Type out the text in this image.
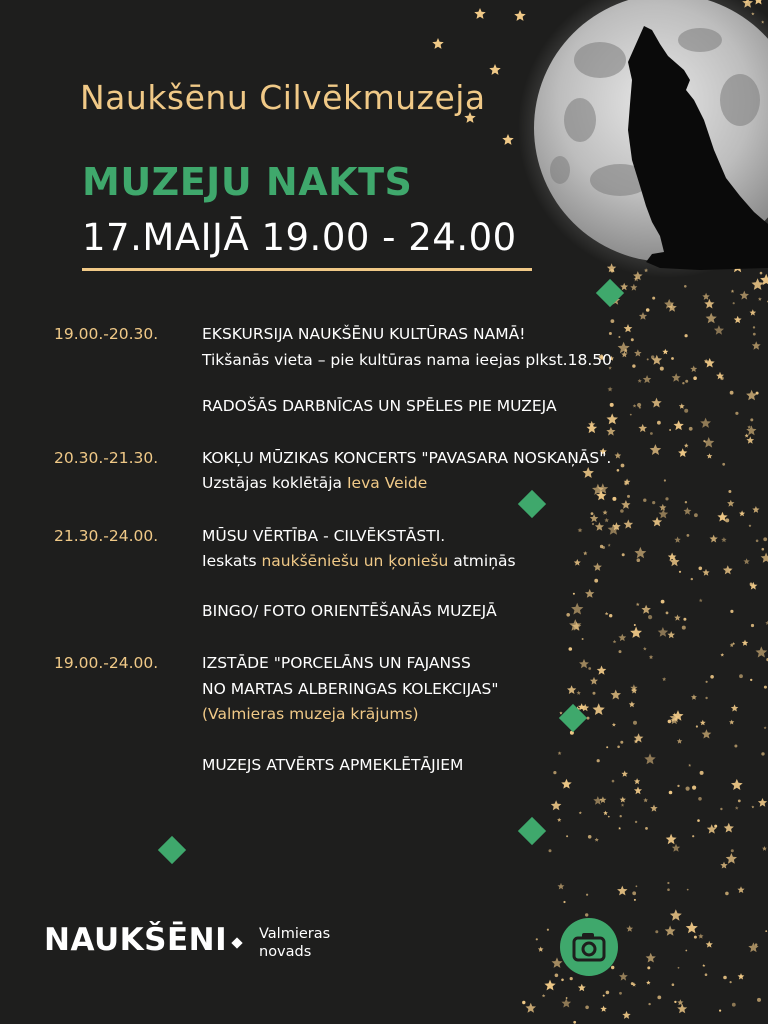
Naukšēnu Cilvēkmuzeja
MUZEJU NAKTS
17.MAIJĀ 19.00 - 24.00
19.00.-20.30.	EKSKURSIJA NAUKŠĒNU KULTŪRAS NAMĀ!
Tikšanās vieta – pie kultūras nama ieejas plkst.18.50
RADOŠĀS DARBNĪCAS UN SPĒLES PIE MUZEJA
20.30.-21.30.	KOKĻU MŪZIKAS KONCERTS "PAVASARA NOSKAŅĀS".
Uzstājas koklētāja Ieva Veide
21.30.-24.00.	MŪSU VĒRTĪBA - CILVĒKSTĀSTI.
Ieskats naukšēniešu un ķoniešu atmiņās
BINGO/ FOTO ORIENTĒŠANĀS MUZEJĀ
19.00.-24.00.	IZSTĀDE "PORCELĀNS UN FAJANSS
NO MARTAS ALBERINGAS KOLEKCIJAS"
(Valmieras muzeja krājums)
MUZEJS ATVĒRTS APMEKLĒTĀJIEM
NAUKŠĒNI	Valmieras
novads
